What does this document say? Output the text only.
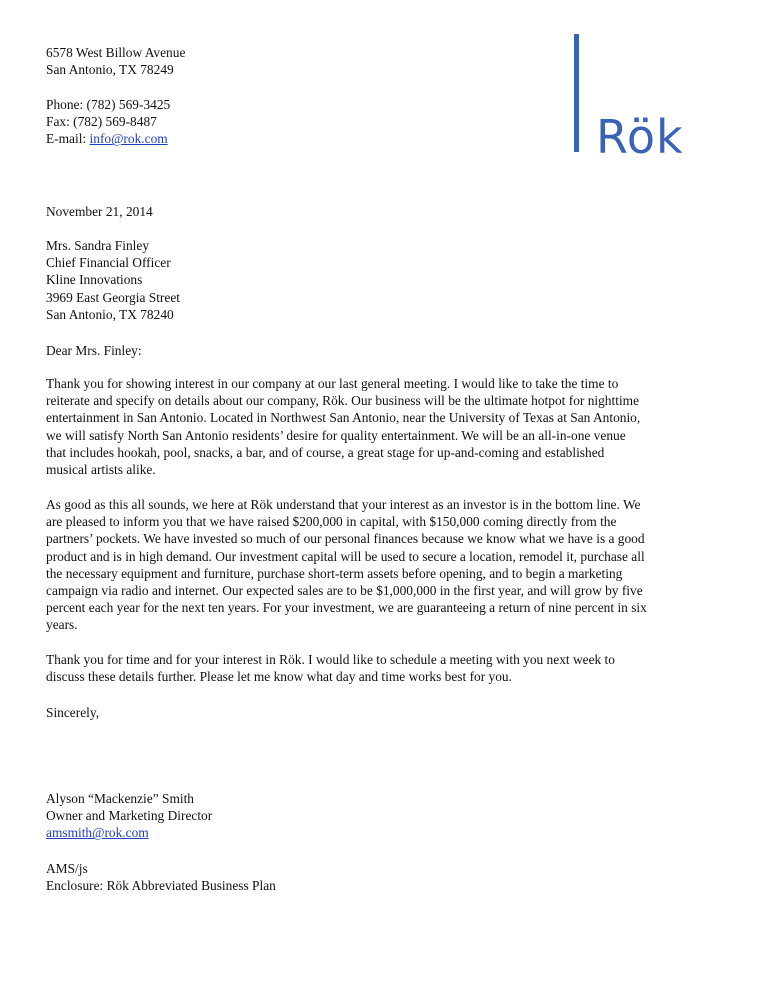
6578 West Billow Avenue
San Antonio, TX 78249
Phone: (782) 569-3425
Fax: (782) 569-8487
E-mail: info@rok.com	Rök
November 21, 2014
Mrs. Sandra Finley
Chief Financial Officer
Kline Innovations
3969 East Georgia Street
San Antonio, TX 78240
Dear Mrs. Finley:
Thank you for showing interest in our company at our last general meeting. I would like to take the time to
reiterate and specify on details about our company, Rök. Our business will be the ultimate hotpot for nighttime
entertainment in San Antonio. Located in Northwest San Antonio, near the University of Texas at San Antonio,
we will satisfy North San Antonio residents’ desire for quality entertainment. We will be an all-in-one venue
that includes hookah, pool, snacks, a bar, and of course, a great stage for up-and-coming and established
musical artists alike.
As good as this all sounds, we here at Rök understand that your interest as an investor is in the bottom line. We
are pleased to inform you that we have raised $200,000 in capital, with $150,000 coming directly from the
partners’ pockets. We have invested so much of our personal finances because we know what we have is a good
product and is in high demand. Our investment capital will be used to secure a location, remodel it, purchase all
the necessary equipment and furniture, purchase short-term assets before opening, and to begin a marketing
campaign via radio and internet. Our expected sales are to be $1,000,000 in the first year, and will grow by five
percent each year for the next ten years. For your investment, we are guaranteeing a return of nine percent in six
years.
Thank you for time and for your interest in Rök. I would like to schedule a meeting with you next week to
discuss these details further. Please let me know what day and time works best for you.
Sincerely,
Alyson “Mackenzie” Smith
Owner and Marketing Director
amsmith@rok.com
AMS/js
Enclosure: Rök Abbreviated Business Plan
